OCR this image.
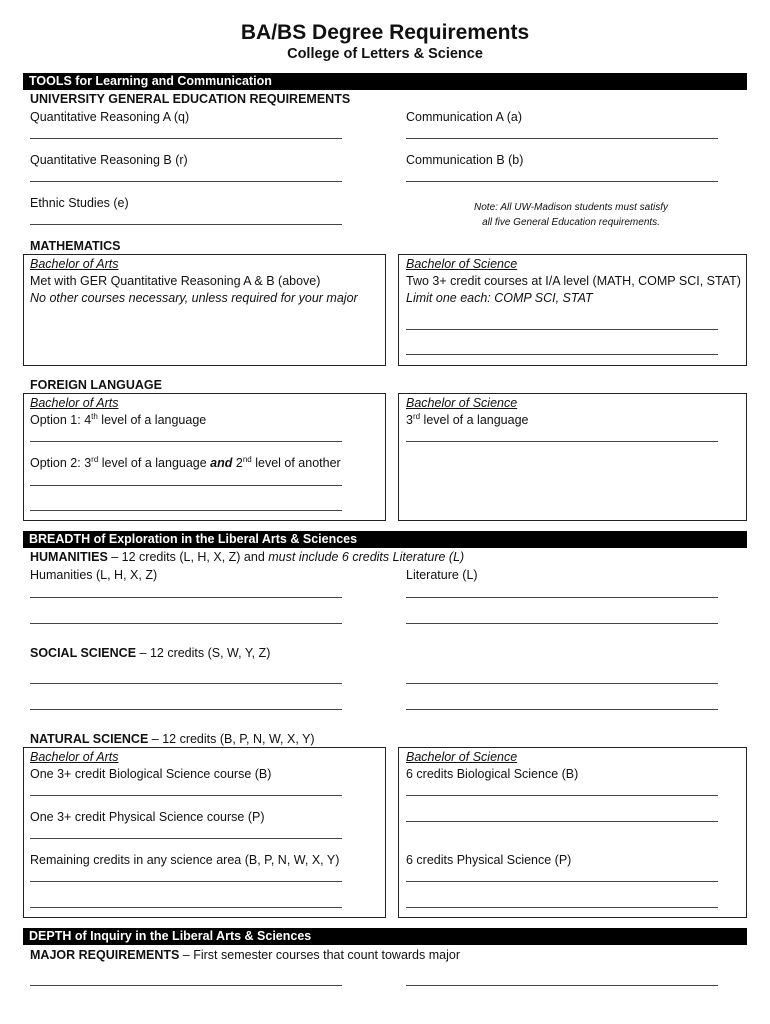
BA/BS Degree Requirements
College of Letters & Science
TOOLS for Learning and Communication
UNIVERSITY GENERAL EDUCATION REQUIREMENTS
Quantitative Reasoning A (q)	Communication A (a)
Quantitative Reasoning B (r)	Communication B (b)
Ethnic Studies (e)	Note: All UW-Madison students must satisfy
all five General Education requirements.
MATHEMATICS
Bachelor of Arts
Met with GER Quantitative Reasoning A & B (above)
No other courses necessary, unless required for your major
Bachelor of Science
Two 3+ credit courses at I/A level (MATH, COMP SCI, STAT)
Limit one each: COMP SCI, STAT
FOREIGN LANGUAGE
Bachelor of Arts
Option 1: 4th level of a language
Option 2: 3rd level of a language and 2nd level of another
Bachelor of Science
3rd level of a language
BREADTH of Exploration in the Liberal Arts & Sciences
HUMANITIES – 12 credits (L, H, X, Z) and must include 6 credits Literature (L)
Humanities (L, H, X, Z)	Literature (L)
SOCIAL SCIENCE – 12 credits (S, W, Y, Z)
NATURAL SCIENCE – 12 credits (B, P, N, W, X, Y)
Bachelor of Arts
One 3+ credit Biological Science course (B)
One 3+ credit Physical Science course (P)
Remaining credits in any science area (B, P, N, W, X, Y)
Bachelor of Science
6 credits Biological Science (B)
6 credits Physical Science (P)
DEPTH of Inquiry in the Liberal Arts & Sciences
MAJOR REQUIREMENTS – First semester courses that count towards major
